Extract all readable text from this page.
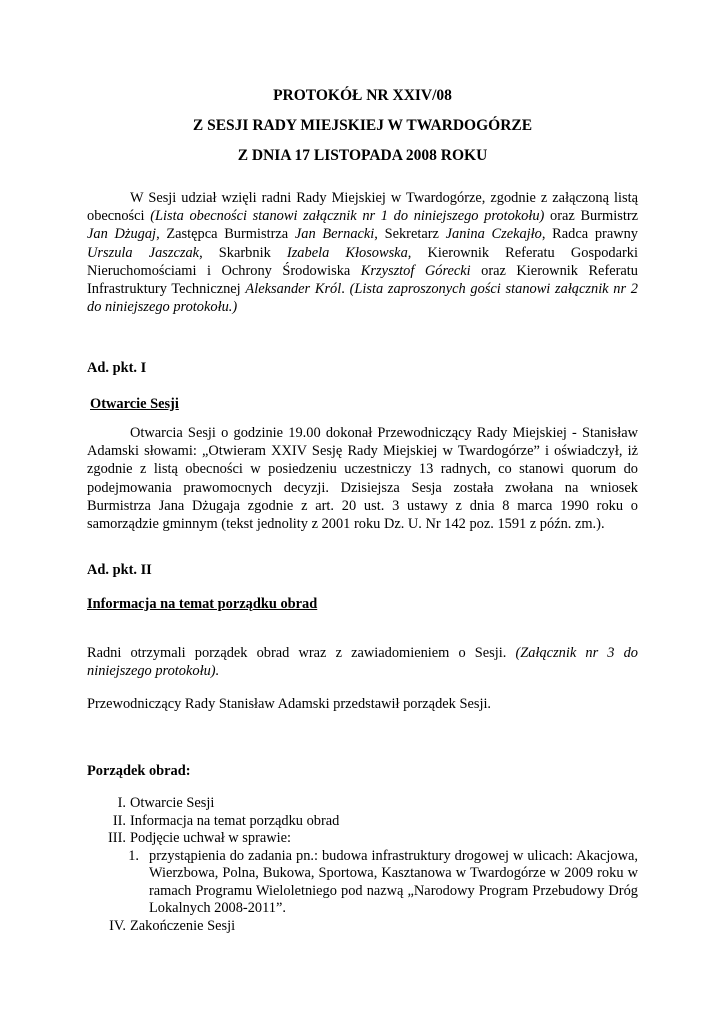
PROTOKÓŁ NR XXIV/08
Z SESJI RADY MIEJSKIEJ W TWARDOGÓRZE
Z DNIA 17 LISTOPADA 2008 ROKU
W Sesji udział wzięli radni Rady Miejskiej w Twardogórze, zgodnie z załączoną listą obecności (Lista obecności stanowi załącznik nr 1 do niniejszego protokołu) oraz Burmistrz Jan Dżugaj, Zastępca Burmistrza Jan Bernacki, Sekretarz Janina Czekajło, Radca prawny Urszula Jaszczak, Skarbnik Izabela Kłosowska, Kierownik Referatu Gospodarki Nieruchomościami i Ochrony Środowiska Krzysztof Górecki oraz Kierownik Referatu Infrastruktury Technicznej Aleksander Król. (Lista zaproszonych gości stanowi załącznik nr 2 do niniejszego protokołu.)
Ad. pkt. I
Otwarcie Sesji
Otwarcia Sesji o godzinie 19.00 dokonał Przewodniczący Rady Miejskiej - Stanisław Adamski słowami: „Otwieram XXIV Sesję Rady Miejskiej w Twardogórze” i oświadczył, iż zgodnie z listą obecności w posiedzeniu uczestniczy 13 radnych, co stanowi quorum do podejmowania prawomocnych decyzji. Dzisiejsza Sesja została zwołana na wniosek Burmistrza Jana Dżugaja zgodnie z art. 20 ust. 3 ustawy z dnia 8 marca 1990 roku o samorządzie gminnym (tekst jednolity z 2001 roku Dz. U. Nr 142 poz. 1591 z późn. zm.).
Ad. pkt. II
Informacja na temat porządku obrad
Radni otrzymali porządek obrad wraz z zawiadomieniem o Sesji. (Załącznik nr 3 do niniejszego protokołu).
Przewodniczący Rady Stanisław Adamski przedstawił porządek Sesji.
Porządek obrad:
I. Otwarcie Sesji
II. Informacja na temat porządku obrad
III. Podjęcie uchwał w sprawie:
1. przystąpienia do zadania pn.: budowa infrastruktury drogowej w ulicach: Akacjowa, Wierzbowa, Polna, Bukowa, Sportowa, Kasztanowa w Twardogórze w 2009 roku w ramach Programu Wieloletniego pod nazwą „Narodowy Program Przebudowy Dróg Lokalnych 2008-2011”.
IV. Zakończenie Sesji
